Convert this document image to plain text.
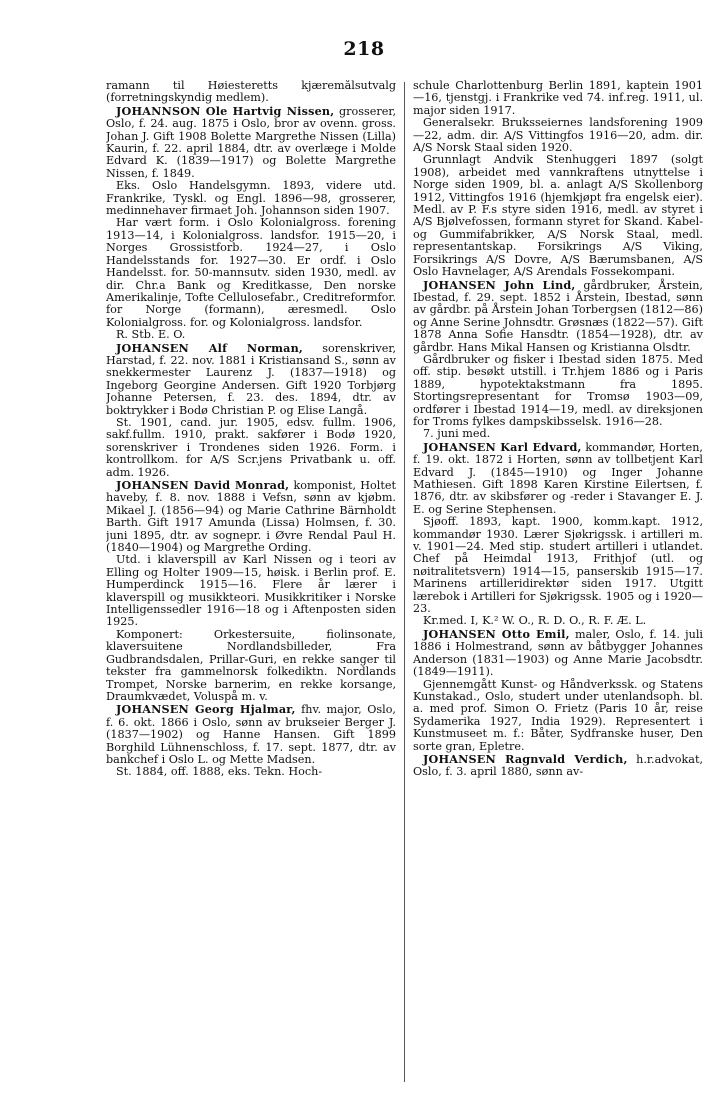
218

ramann til Høiesteretts kjæremålsutvalg (forretningskyndig medlem).

JOHANNSON Ole Hartvig Nissen, grosserer, Oslo, f. 24. aug. 1875 i Oslo, bror av ovenn. gross. Johan J. Gift 1908 Bolette Margrethe Nissen (Lilla) Kaurin, f. 22. april 1884, dtr. av overlæge i Molde Edvard K. (1839—1917) og Bolette Margrethe Nissen, f. 1849.

Eks. Oslo Handelsgymn. 1893, videre utd. Frankrike, Tyskl. og Engl. 1896—98, grosserer, medinnehaver firmaet Joh. Johannson siden 1907.

Har vært form. i Oslo Kolonialgross. forening 1913—14, i Kolonialgross. landsfor. 1915—20, i Norges Grossistforb. 1924—27, i Oslo Handelsstands for. 1927—30. Er ordf. i Oslo Handelsst. for. 50-mannsutv. siden 1930, medl. av dir. Chr.a Bank og Kreditkasse, Den norske Amerikalinje, Tofte Cellulosefabr., Creditreformfor. for Norge (formann), æresmedl. Oslo Kolonialgross. for. og Kolonialgross. landsfor.

R. Stb. E. O.

JOHANSEN Alf Norman, sorenskriver, Harstad, f. 22. nov. 1881 i Kristiansand S., sønn av snekkermester Laurenz J. (1837—1918) og Ingeborg Georgine Andersen. Gift 1920 Torbjørg Johanne Petersen, f. 23. des. 1894, dtr. av boktrykker i Bodø Christian P. og Elise Langå.

St. 1901, cand. jur. 1905, edsv. fullm. 1906, sakf.fullm. 1910, prakt. sakfører i Bodø 1920, sorenskriver i Trondenes siden 1926. Form. i kontrollkom. for A/S Scr.jens Privatbank u. off. adm. 1926.

JOHANSEN David Monrad, komponist, Holtet haveby, f. 8. nov. 1888 i Vefsn, sønn av kjøbm. Mikael J. (1856—94) og Marie Cathrine Bärnholdt Barth. Gift 1917 Amunda (Lissa) Holmsen, f. 30. juni 1895, dtr. av sognepr. i Øvre Rendal Paul H. (1840—1904) og Margrethe Ording.

Utd. i klaverspill av Karl Nissen og i teori av Elling og Holter 1909—15, høisk. i Berlin prof. E. Humperdinck 1915—16. Flere år lærer i klaverspill og musikkteori. Musikkritiker i Norske Intelligenssedler 1916—18 og i Aftenposten siden 1925.

Komponert: Orkestersuite, fiolinsonate, klaversuitene Nordlandsbilleder, Fra Gudbrandsdalen, Prillar-Guri, en rekke sanger til tekster fra gammelnorsk folkediktn. Nordlands Trompet, Norske barnerim, en rekke korsange, Draumkvædet, Voluspå m. v.

JOHANSEN Georg Hjalmar, fhv. major, Oslo, f. 6. okt. 1866 i Oslo, sønn av brukseier Berger J. (1837—1902) og Hanne Hansen. Gift 1899 Borghild Lühnenschloss, f. 17. sept. 1877, dtr. av bankchef i Oslo L. og Mette Madsen.

St. 1884, off. 1888, eks. Tekn. Hoch-

schule Charlottenburg Berlin 1891, kaptein 1901—16, tjenstgj. i Frankrike ved 74. inf.reg. 1911, ul. major siden 1917.

Generalsekr. Bruksseiernes landsforening 1909—22, adm. dir. A/S Vittingfos 1916—20, adm. dir. A/S Norsk Staal siden 1920.

Grunnlagt Andvik Stenhuggeri 1897 (solgt 1908), arbeidet med vannkraftens utnyttelse i Norge siden 1909, bl. a. anlagt A/S Skollenborg 1912, Vittingfos 1916 (hjemkjøpt fra engelsk eier). Medl. av P. F.s styre siden 1916, medl. av styret i A/S Bjølvefossen, formann styret for Skand. Kabel- og Gummifabrikker, A/S Norsk Staal, medl. representantskap. Forsikrings A/S Viking, Forsikrings A/S Dovre, A/S Bærumsbanen, A/S Oslo Havnelager, A/S Arendals Fossekompani.

JOHANSEN John Lind, gårdbruker, Årstein, Ibestad, f. 29. sept. 1852 i Årstein, Ibestad, sønn av gårdbr. på Årstein Johan Torbergsen (1812—86) og Anne Serine Johnsdtr. Grøsnæs (1822—57). Gift 1878 Anna Sofie Hansdtr. (1854—1928), dtr. av gårdbr. Hans Mikal Hansen og Kristianna Olsdtr.

Gårdbruker og fisker i Ibestad siden 1875. Med off. stip. besøkt utstill. i Tr.hjem 1886 og i Paris 1889, hypotektakstmann fra 1895. Stortingsrepresentant for Tromsø 1903—09, ordfører i Ibestad 1914—19, medl. av direksjonen for Troms fylkes dampskibsselsk. 1916—28.

7. juni med.

JOHANSEN Karl Edvard, kommandør, Horten, f. 19. okt. 1872 i Horten, sønn av tollbetjent Karl Edvard J. (1845—1910) og Inger Johanne Mathiesen. Gift 1898 Karen Kirstine Eilertsen, f. 1876, dtr. av skibsfører og -reder i Stavanger E. J. E. og Serine Stephensen.

Sjøoff. 1893, kapt. 1900, komm.kapt. 1912, kommandør 1930. Lærer Sjøkrigssk. i artilleri m. v. 1901—24. Med stip. studert artilleri i utlandet. Chef på Heimdal 1913, Frithjof (utl. og nøitralitetsvern) 1914—15, panserskib 1915—17. Marinens artilleridirektør siden 1917. Utgitt lærebok i Artilleri for Sjøkrigssk. 1905 og i 1920—23.

Kr.med. I, K.² W. O., R. D. O., R. F. Æ. L.

JOHANSEN Otto Emil, maler, Oslo, f. 14. juli 1886 i Holmestrand, sønn av båtbygger Johannes Anderson (1831—1903) og Anne Marie Jacobsdtr. (1849—1911).

Gjennemgått Kunst- og Håndverkssk. og Statens Kunstakad., Oslo, studert under utenlandsoph. bl. a. med prof. Simon O. Frietz (Paris 10 år, reise Sydamerika 1927, India 1929). Representert i Kunstmuseet m. f.: Båter, Sydfranske huser, Den sorte gran, Epletre.

JOHANSEN Ragnvald Verdich, h.r.advokat, Oslo, f. 3. april 1880, sønn av-
